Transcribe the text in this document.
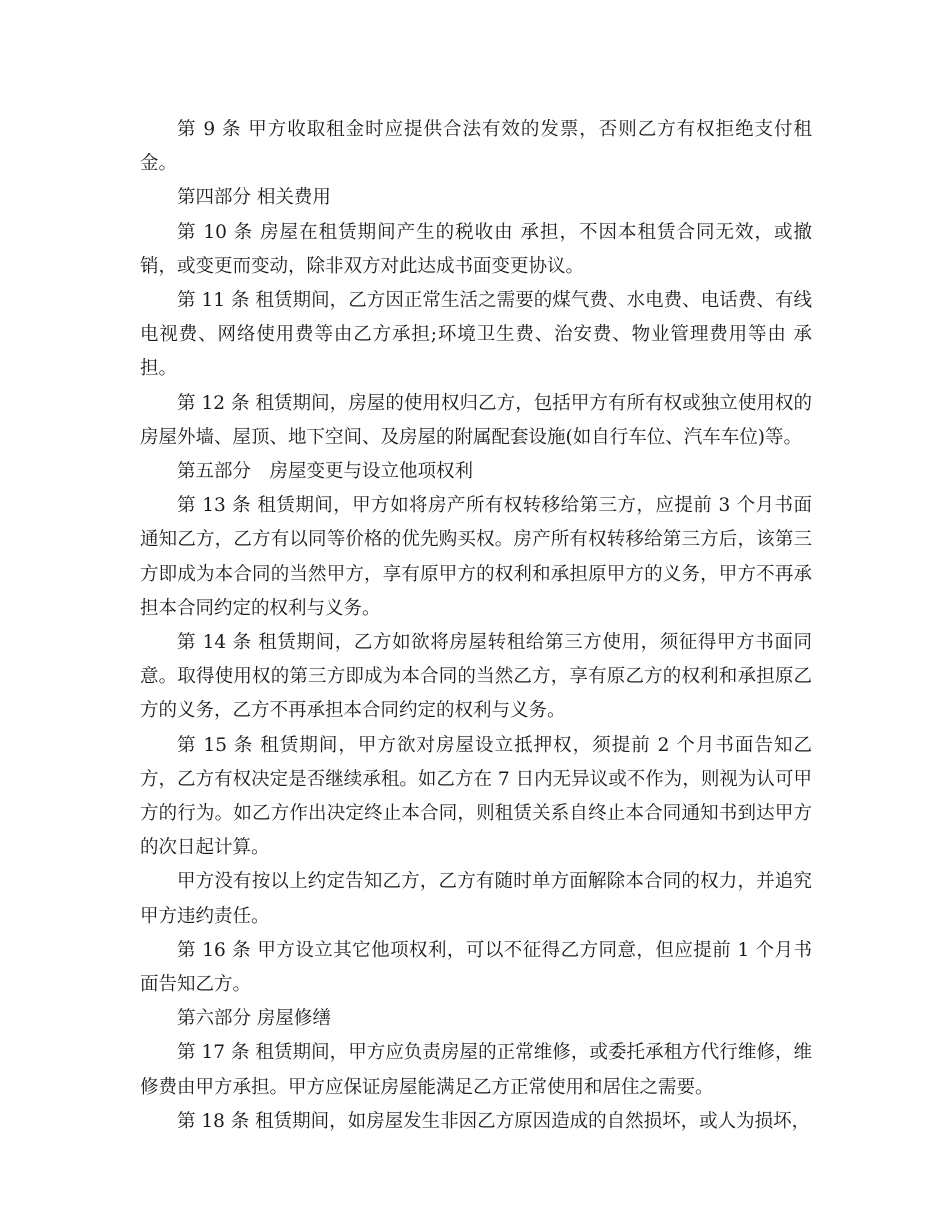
第 9 条 甲方收取租金时应提供合法有效的发票，否则乙方有权拒绝支付租金。

第四部分 相关费用

第 10 条 房屋在租赁期间产生的税收由 承担，不因本租赁合同无效，或撤销，或变更而变动，除非双方对此达成书面变更协议。

第 11 条 租赁期间，乙方因正常生活之需要的煤气费、水电费、电话费、有线电视费、网络使用费等由乙方承担;环境卫生费、治安费、物业管理费用等由 承担。

第 12 条 租赁期间，房屋的使用权归乙方，包括甲方有所有权或独立使用权的房屋外墙、屋顶、地下空间、及房屋的附属配套设施(如自行车位、汽车车位)等。

第五部分　房屋变更与设立他项权利

第 13 条 租赁期间，甲方如将房产所有权转移给第三方，应提前 3 个月书面通知乙方，乙方有以同等价格的优先购买权。房产所有权转移给第三方后，该第三方即成为本合同的当然甲方，享有原甲方的权利和承担原甲方的义务，甲方不再承担本合同约定的权利与义务。

第 14 条 租赁期间，乙方如欲将房屋转租给第三方使用，须征得甲方书面同意。取得使用权的第三方即成为本合同的当然乙方，享有原乙方的权利和承担原乙方的义务，乙方不再承担本合同约定的权利与义务。

第 15 条 租赁期间，甲方欲对房屋设立抵押权，须提前 2 个月书面告知乙方，乙方有权决定是否继续承租。如乙方在 7 日内无异议或不作为，则视为认可甲方的行为。如乙方作出决定终止本合同，则租赁关系自终止本合同通知书到达甲方的次日起计算。

甲方没有按以上约定告知乙方，乙方有随时单方面解除本合同的权力，并追究甲方违约责任。

第 16 条 甲方设立其它他项权利，可以不征得乙方同意，但应提前 1 个月书面告知乙方。

第六部分 房屋修缮

第 17 条 租赁期间，甲方应负责房屋的正常维修，或委托承租方代行维修，维修费由甲方承担。甲方应保证房屋能满足乙方正常使用和居住之需要。

第 18 条 租赁期间，如房屋发生非因乙方原因造成的自然损坏，或人为损坏，
